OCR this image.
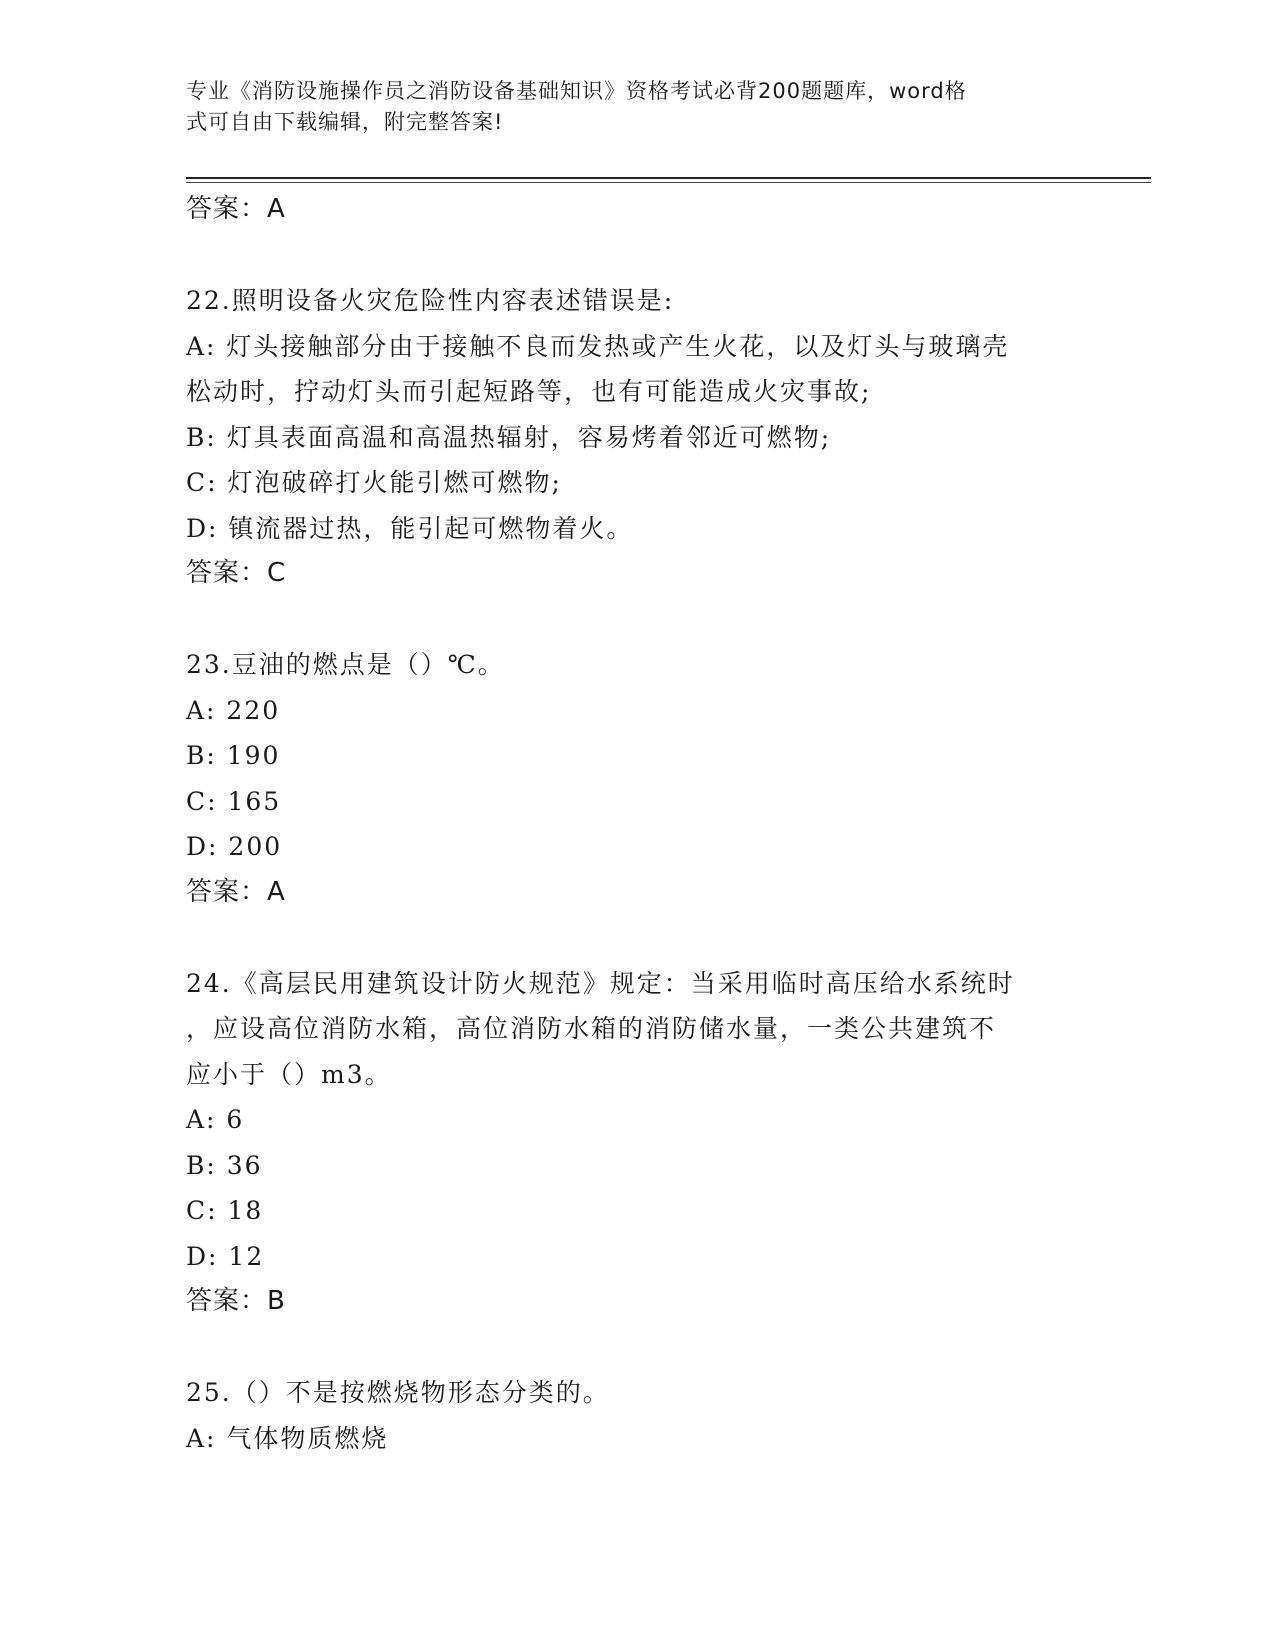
专业《消防设施操作员之消防设备基础知识》资格考试必背200题题库，word格
式可自由下载编辑，附完整答案!
答案：A
22.照明设备火灾危险性内容表述错误是:
A: 灯头接触部分由于接触不良而发热或产生火花，以及灯头与玻璃壳
松动时，拧动灯头而引起短路等，也有可能造成火灾事故;
B: 灯具表面高温和高温热辐射，容易烤着邻近可燃物;
C: 灯泡破碎打火能引燃可燃物;
D: 镇流器过热，能引起可燃物着火。
答案：C
23.豆油的燃点是（）℃。
A: 220
B: 190
C: 165
D: 200
答案：A
24.《高层民用建筑设计防火规范》规定：当采用临时高压给水系统时
，应设高位消防水箱，高位消防水箱的消防储水量，一类公共建筑不
应小于（）m3。
A: 6
B: 36
C: 18
D: 12
答案：B
25.（）不是按燃烧物形态分类的。
A: 气体物质燃烧
